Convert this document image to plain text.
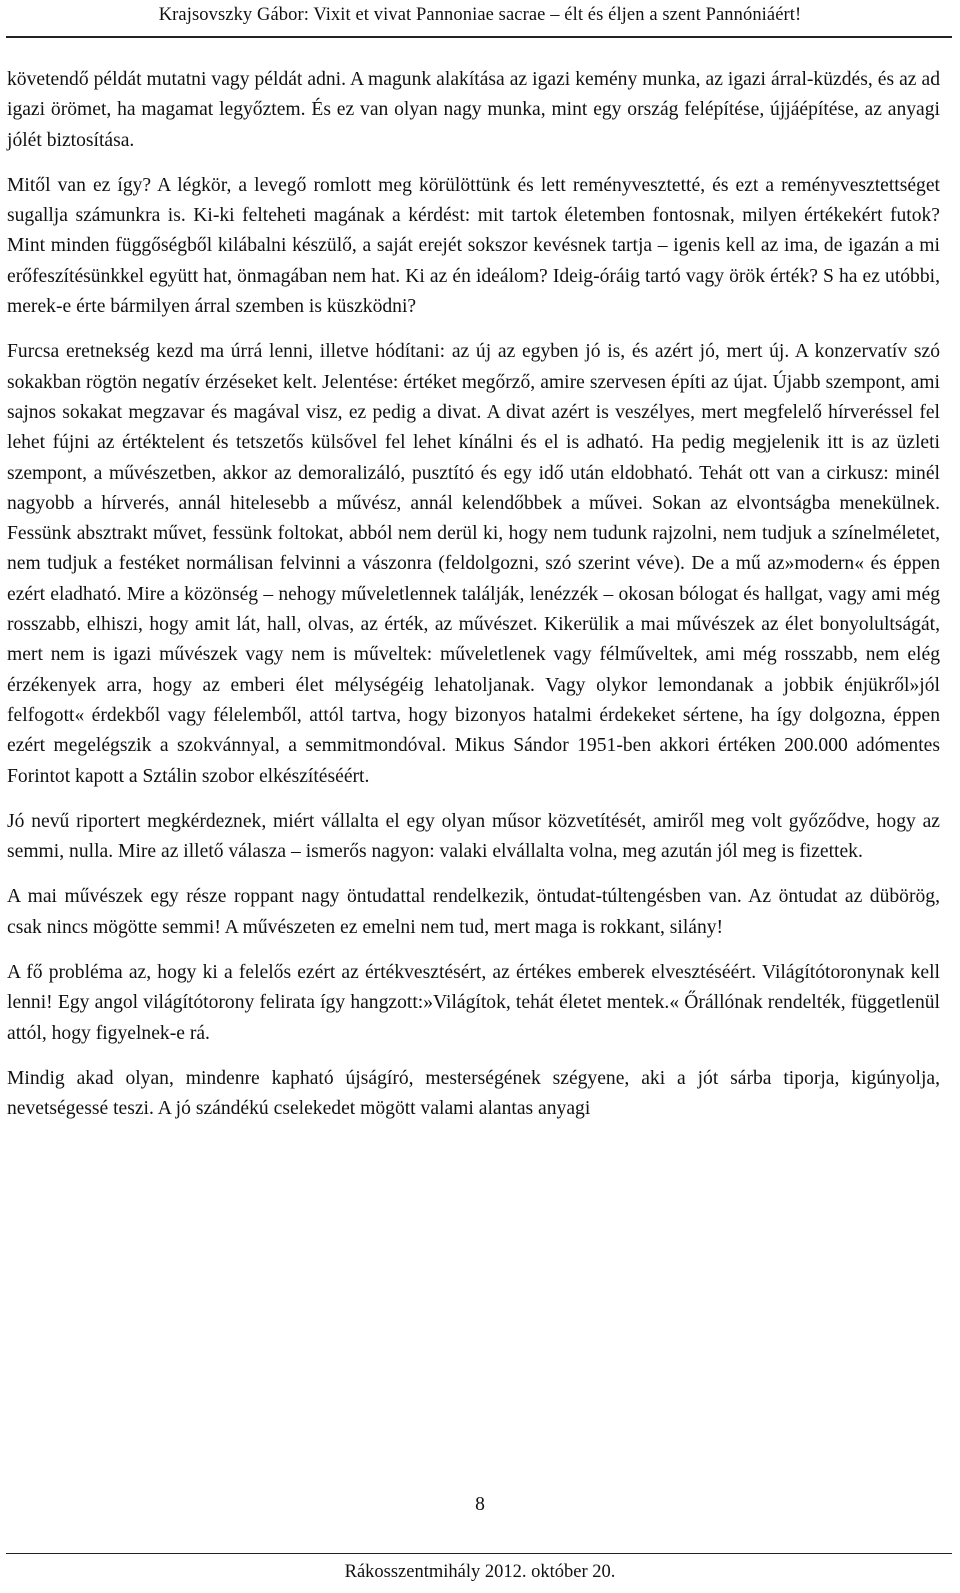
Krajsovszky Gábor: Vixit et vivat Pannoniae sacrae – élt és éljen a szent Pannóniáért!

követendő példát mutatni vagy példát adni. A magunk alakítása az igazi kemény munka, az igazi árral-küzdés, és az ad igazi örömet, ha magamat legyőztem. És ez van olyan nagy munka, mint egy ország felépítése, újjáépítése, az anyagi jólét biztosítása.

Mitől van ez így? A légkör, a levegő romlott meg körülöttünk és lett reményvesztetté, és ezt a reményvesztettséget sugallja számunkra is. Ki-ki felteheti magának a kérdést: mit tartok életemben fontosnak, milyen értékekért futok? Mint minden függőségből kilábalni készülő, a saját erejét sokszor kevésnek tartja – igenis kell az ima, de igazán a mi erőfeszítésünkkel együtt hat, önmagában nem hat. Ki az én ideálom? Ideig-óráig tartó vagy örök érték? S ha ez utóbbi, merek-e érte bármilyen árral szemben is küszködni?

Furcsa eretnekség kezd ma úrrá lenni, illetve hódítani: az új az egyben jó is, és azért jó, mert új. A konzervatív szó sokakban rögtön negatív érzéseket kelt. Jelentése: értéket megőrző, amire szervesen építi az újat. Újabb szempont, ami sajnos sokakat megzavar és magával visz, ez pedig a divat. A divat azért is veszélyes, mert megfelelő hírveréssel fel lehet fújni az értéktelent és tetszetős külsővel fel lehet kínálni és el is adható. Ha pedig megjelenik itt is az üzleti szempont, a művészetben, akkor az demoralizáló, pusztító és egy idő után eldobható. Tehát ott van a cirkusz: minél nagyobb a hírverés, annál hitelesebb a művész, annál kelendőbbek a művei. Sokan az elvontságba menekülnek. Fessünk absztrakt művet, fessünk foltokat, abból nem derül ki, hogy nem tudunk rajzolni, nem tudjuk a színelméletet, nem tudjuk a festéket normálisan felvinni a vászonra (feldolgozni, szó szerint véve). De a mű az»modern« és éppen ezért eladható. Mire a közönség – nehogy műveletlennek találják, lenézzék – okosan bólogat és hallgat, vagy ami még rosszabb, elhiszi, hogy amit lát, hall, olvas, az érték, az művészet. Kikerülik a mai művészek az élet bonyolultságát, mert nem is igazi művészek vagy nem is műveltek: műveletlenek vagy félműveltek, ami még rosszabb, nem elég érzékenyek arra, hogy az emberi élet mélységéig lehatoljanak. Vagy olykor lemondanak a jobbik énjükről»jól felfogott« érdekből vagy félelemből, attól tartva, hogy bizonyos hatalmi érdekeket sértene, ha így dolgozna, éppen ezért megelégszik a szokvánnyal, a semmitmondóval. Mikus Sándor 1951-ben akkori értéken 200.000 adómentes Forintot kapott a Sztálin szobor elkészítéséért.

Jó nevű riportert megkérdeznek, miért vállalta el egy olyan műsor közvetítését, amiről meg volt győződve, hogy az semmi, nulla. Mire az illető válasza – ismerős nagyon: valaki elvállalta volna, meg azután jól meg is fizettek.

A mai művészek egy része roppant nagy öntudattal rendelkezik, öntudat-túltengésben van. Az öntudat az dübörög, csak nincs mögötte semmi! A művészeten ez emelni nem tud, mert maga is rokkant, silány!

A fő probléma az, hogy ki a felelős ezért az értékvesztésért, az értékes emberek elvesztéséért. Világítótoronynak kell lenni! Egy angol világítótorony felirata így hangzott:»Világítok, tehát életet mentek.« Őrállónak rendelték, függetlenül attól, hogy figyelnek-e rá.

Mindig akad olyan, mindenre kapható újságíró, mesterségének szégyene, aki a jót sárba tiporja, kigúnyolja, nevetségessé teszi. A jó szándékú cselekedet mögött valami alantas anyagi

8
Rákosszentmihály 2012. október 20.
